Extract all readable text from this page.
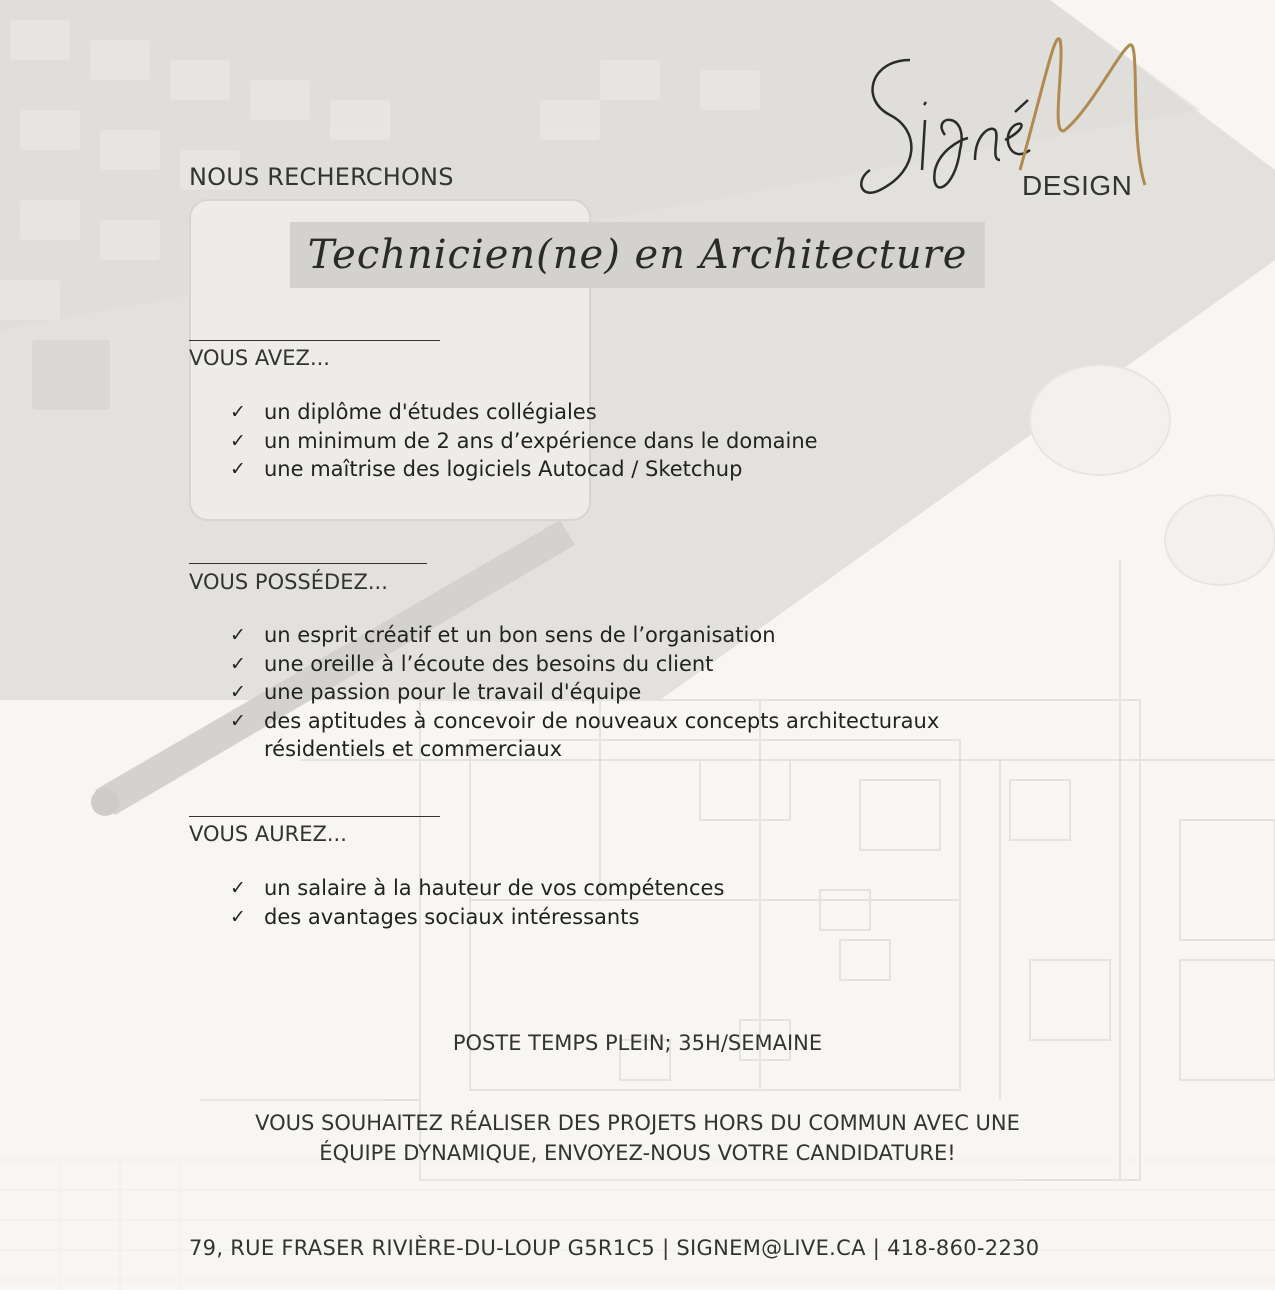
DESIGN
NOUS RECHERCHONS
Technicien(ne) en Architecture
VOUS AVEZ...
✓ un diplôme d'études collégiales
✓ un minimum de 2 ans d’expérience dans le domaine
✓ une maîtrise des logiciels Autocad / Sketchup
VOUS POSSÉDEZ...
✓ un esprit créatif et un bon sens de l’organisation
✓ une oreille à l’écoute des besoins du client
✓ une passion pour le travail d'équipe
✓ des aptitudes à concevoir de nouveaux concepts architecturaux résidentiels et commerciaux
VOUS AUREZ...
✓ un salaire à la hauteur de vos compétences
✓ des avantages sociaux intéressants
POSTE TEMPS PLEIN; 35H/SEMAINE
VOUS SOUHAITEZ RÉALISER DES PROJETS HORS DU COMMUN AVEC UNE
ÉQUIPE DYNAMIQUE, ENVOYEZ-NOUS VOTRE CANDIDATURE!
79, RUE FRASER RIVIÈRE-DU-LOUP G5R1C5 | SIGNEM@LIVE.CA | 418-860-2230
